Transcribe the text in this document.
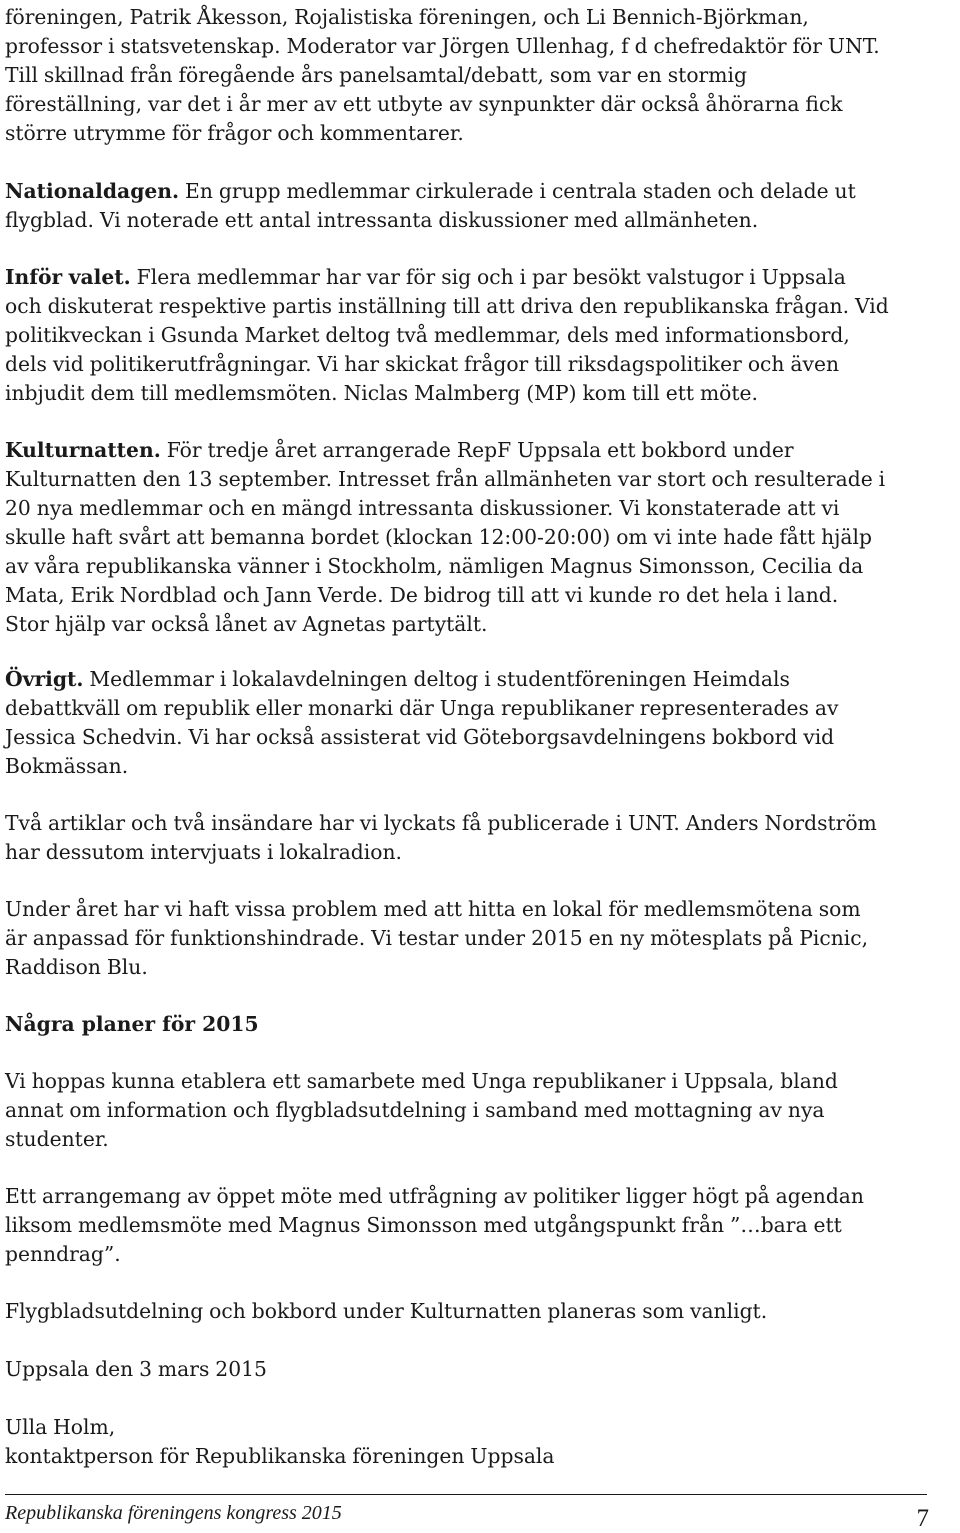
föreningen, Patrik Åkesson, Rojalistiska föreningen, och Li Bennich-Björkman,
professor i statsvetenskap. Moderator var Jörgen Ullenhag, f d chefredaktör för UNT.
Till skillnad från föregående års panelsamtal/debatt, som var en stormig
föreställning, var det i år mer av ett utbyte av synpunkter där också åhörarna fick
större utrymme för frågor och kommentarer.

Nationaldagen. En grupp medlemmar cirkulerade i centrala staden och delade ut
flygblad. Vi noterade ett antal intressanta diskussioner med allmänheten.

Inför valet. Flera medlemmar har var för sig och i par besökt valstugor i Uppsala
och diskuterat respektive partis inställning till att driva den republikanska frågan. Vid
politikveckan i Gsunda Market deltog två medlemmar, dels med informationsbord,
dels vid politikerutfrågningar. Vi har skickat frågor till riksdagspolitiker och även
inbjudit dem till medlemsmöten. Niclas Malmberg (MP) kom till ett möte.

Kulturnatten. För tredje året arrangerade RepF Uppsala ett bokbord under
Kulturnatten den 13 september. Intresset från allmänheten var stort och resulterade i
20 nya medlemmar och en mängd intressanta diskussioner. Vi konstaterade att vi
skulle haft svårt att bemanna bordet (klockan 12:00-20:00) om vi inte hade fått hjälp
av våra republikanska vänner i Stockholm, nämligen Magnus Simonsson, Cecilia da
Mata, Erik Nordblad och Jann Verde. De bidrog till att vi kunde ro det hela i land.
Stor hjälp var också lånet av Agnetas partytält.

Övrigt. Medlemmar i lokalavdelningen deltog i studentföreningen Heimdals
debattkväll om republik eller monarki där Unga republikaner representerades av
Jessica Schedvin. Vi har också assisterat vid Göteborgsavdelningens bokbord vid
Bokmässan.

Två artiklar och två insändare har vi lyckats få publicerade i UNT. Anders Nordström
har dessutom intervjuats i lokalradion.

Under året har vi haft vissa problem med att hitta en lokal för medlemsmötena som
är anpassad för funktionshindrade. Vi testar under 2015 en ny mötesplats på Picnic,
Raddison Blu.

Några planer för 2015

Vi hoppas kunna etablera ett samarbete med Unga republikaner i Uppsala, bland
annat om information och flygbladsutdelning i samband med mottagning av nya
studenter.

Ett arrangemang av öppet möte med utfrågning av politiker ligger högt på agendan
liksom medlemsmöte med Magnus Simonsson med utgångspunkt från ”…bara ett
penndrag”.

Flygbladsutdelning och bokbord under Kulturnatten planeras som vanligt.

Uppsala den 3 mars 2015

Ulla Holm,
kontaktperson för Republikanska föreningen Uppsala

Republikanska föreningens kongress 2015	7
